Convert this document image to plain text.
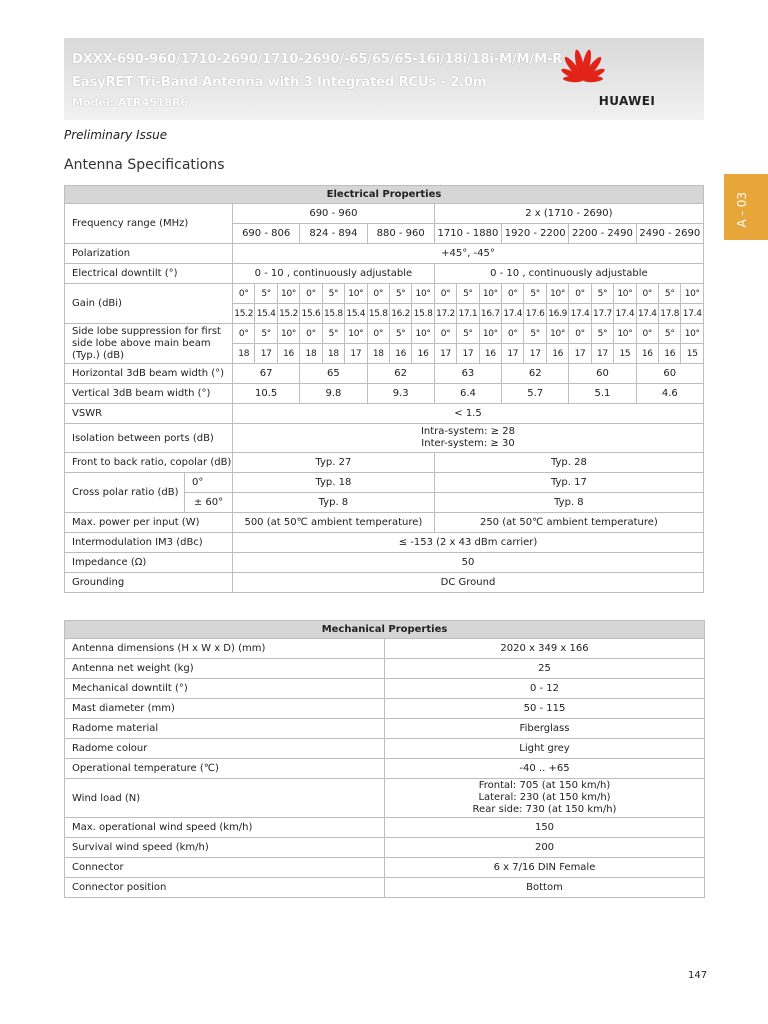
DXXX-690-960/1710-2690/1710-2690/-65/65/65-16i/18i/18i-M/M/M-R
EasyRET Tri-Band Antenna with 3 Integrated RCUs - 2.0m
Model: ATR4518R6	HUAWEI
Preliminary Issue
Antenna Specifications
A - 03
Electrical Properties																						
Frequency range (MHz)		690 - 960									2 x (1710 - 2690)											
		690 - 806			824 - 894			880 - 960			1710 - 1880			1920 - 2200			2200 - 2490			2490 - 2690		
Polarization		+45°, -45°																				
Electrical downtilt (°)		0 - 10 , continuously adjustable									0 - 10 , continuously adjustable											
Gain (dBi)		0°	5°	10°	0°	5°	10°	0°	5°	10°	0°	5°	10°	0°	5°	10°	0°	5°	10°	0°	5°	10°
		15.2	15.4	15.2	15.6	15.8	15.4	15.8	16.2	15.8	17.2	17.1	16.7	17.4	17.6	16.9	17.4	17.7	17.4	17.4	17.8	17.4
Side lobe suppression for first side lobe above main beam (Typ.) (dB)		0°	5°	10°	0°	5°	10°	0°	5°	10°	0°	5°	10°	0°	5°	10°	0°	5°	10°	0°	5°	10°
		18	17	16	18	18	17	18	16	16	17	17	16	17	17	16	17	17	15	16	16	15
Horizontal 3dB beam width (°)		67			65			62			63			62			60			60		
Vertical 3dB beam width (°)		10.5			9.8			9.3			6.4			5.7			5.1			4.6		
VSWR		< 1.5																				
Isolation between ports (dB)		Intra-system: ≥ 28
Inter-system: ≥ 30																				

Front to back ratio, copolar (dB)		Typ. 27									Typ. 28											
Cross polar ratio (dB)	0°	Typ. 18									Typ. 17											
	± 60°	Typ. 8									Typ. 8											
Max. power per input (W)		500 (at 50℃ ambient temperature)									250 (at 50℃ ambient temperature)											
Intermodulation IM3 (dBc)		≤ -153 (2 x 43 dBm carrier)																				
Impedance (Ω)		50																				
Grounding		DC Ground																				
Mechanical Properties	
Antenna dimensions (H x W x D) (mm)	2020 x 349 x 166
Antenna net weight (kg)	25
Mechanical downtilt (°)	0 - 12
Mast diameter (mm)	50 - 115
Radome material	Fiberglass
Radome colour	Light grey
Operational temperature (℃)	-40 .. +65
Wind load (N)	Frontal: 705 (at 150 km/h)
Lateral: 230 (at 150 km/h)
Rear side: 730 (at 150 km/h)

Max. operational wind speed (km/h)	150
Survival wind speed (km/h)	200
Connector	6 x 7/16 DIN Female
Connector position	Bottom
147
